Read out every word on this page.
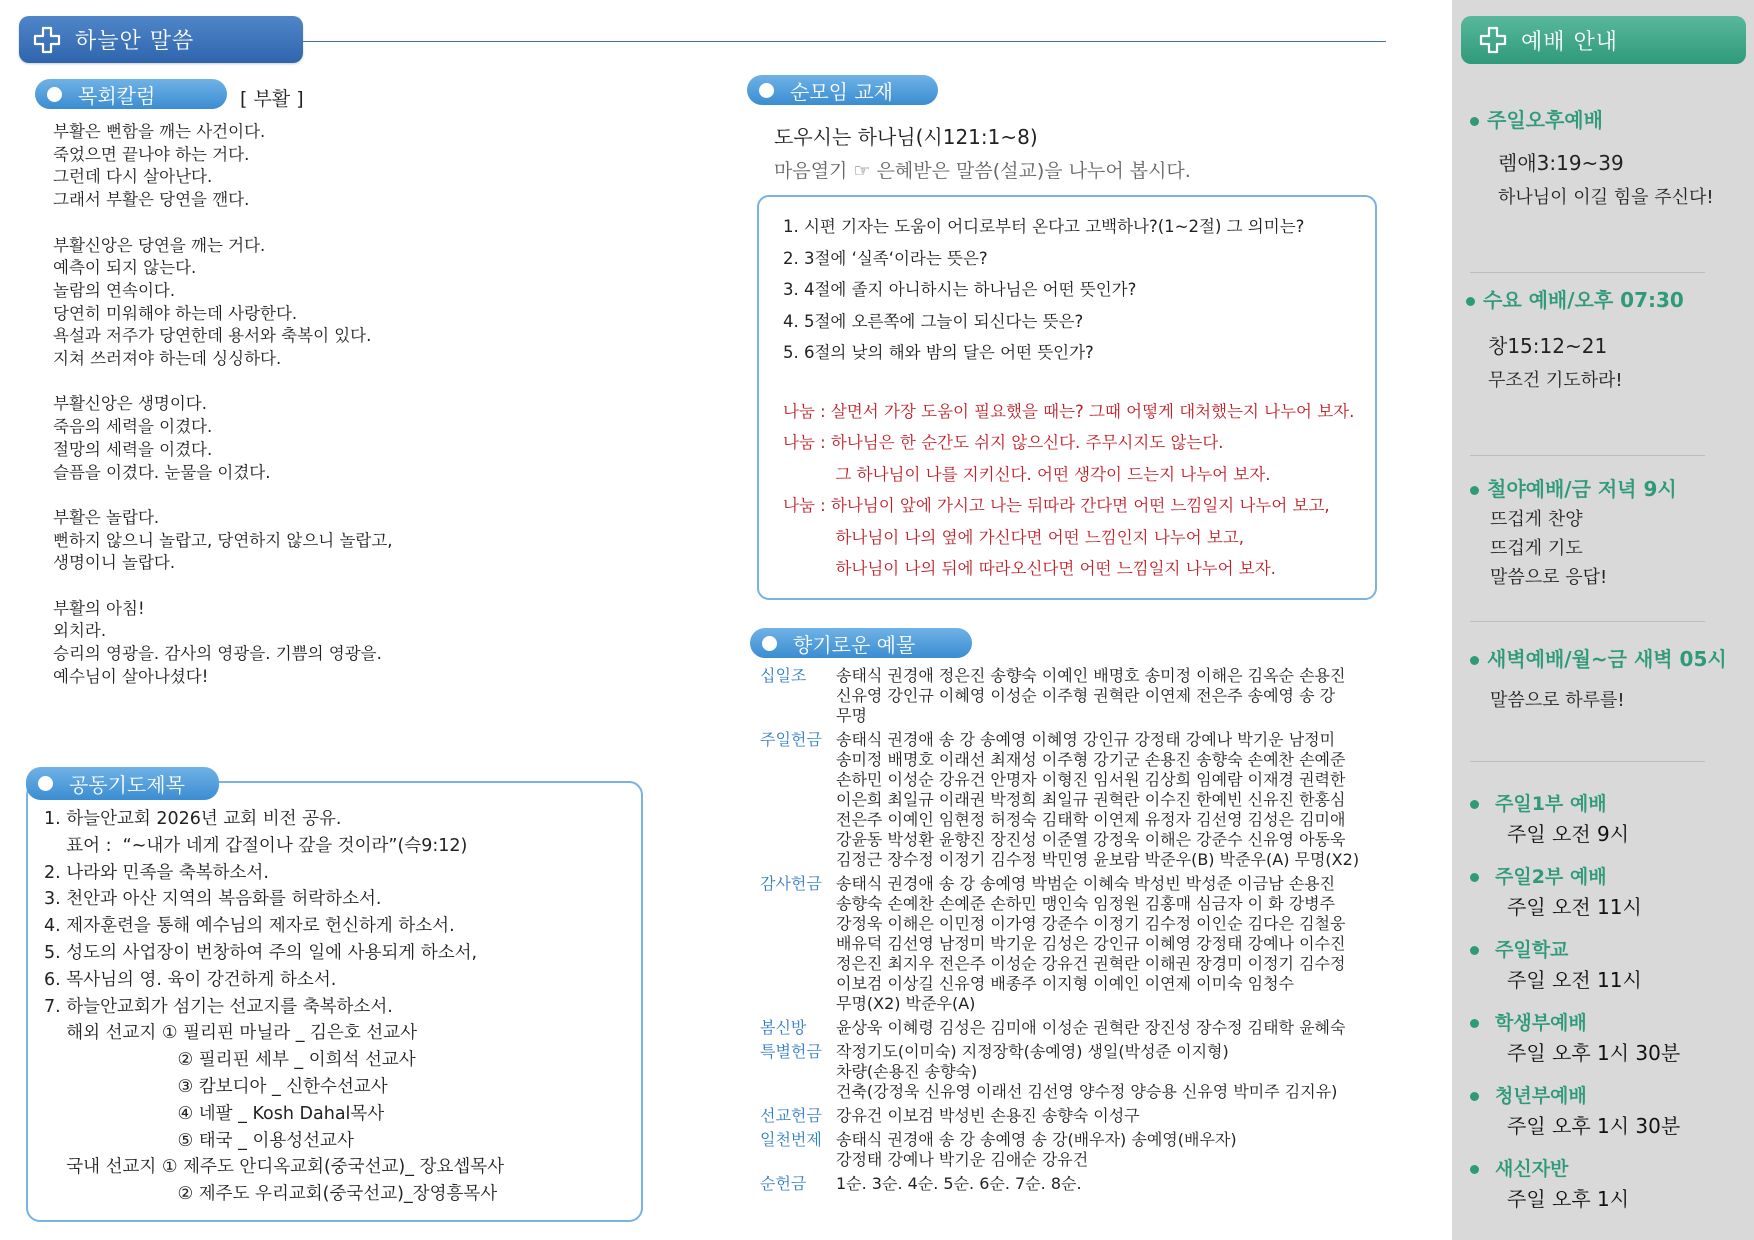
하늘안 말씀
목회칼럼	[ 부활 ]

부활은 뻔함을 깨는 사건이다.
죽었으면 끝나야 하는 거다.
그런데 다시 살아난다.
그래서 부활은 당연을 깬다.

부활신앙은 당연을 깨는 거다.
예측이 되지 않는다.
놀람의 연속이다.
당연히 미워해야 하는데 사랑한다.
욕설과 저주가 당연한데 용서와 축복이 있다.
지쳐 쓰러져야 하는데 싱싱하다.

부활신앙은 생명이다.
죽음의 세력을 이겼다.
절망의 세력을 이겼다.
슬픔을 이겼다. 눈물을 이겼다.

부활은 놀랍다.
뻔하지 않으니 놀랍고, 당연하지 않으니 놀랍고,
생명이니 놀랍다.

부활의 아침!
외치라.
승리의 영광을. 감사의 영광을. 기쁨의 영광을.
예수님이 살아나셨다!

공동기도제목
1. 하늘안교회 2026년 교회 비전 공유.
표어 :  “~내가 네게 갑절이나 갚을 것이라”(슥9:12)
2. 나라와 민족을 축복하소서.
3. 천안과 아산 지역의 복음화를 허락하소서.
4. 제자훈련을 통해 예수님의 제자로 헌신하게 하소서.
5. 성도의 사업장이 번창하여 주의 일에 사용되게 하소서,
6. 목사님의 영. 육이 강건하게 하소서.
7. 하늘안교회가 섬기는 선교지를 축복하소서.
해외 선교지 ① 필리핀 마닐라 _ 김은호 선교사
② 필리핀 세부 _ 이희석 선교사
③ 캄보디아 _ 신한수선교사
④ 네팔 _ Kosh Dahal목사
⑤ 태국 _ 이용성선교사
국내 선교지 ① 제주도 안디옥교회(중국선교)_ 장요셉목사
② 제주도 우리교회(중국선교)_장영흥목사
순모임 교재
도우시는 하나님(시121:1~8)
마음열기 ☞ 은혜받은 말씀(설교)을 나누어 봅시다.
1. 시편 기자는 도움이 어디로부터 온다고 고백하나?(1~2절) 그 의미는?
2. 3절에 ‘실족‘이라는 뜻은?
3. 4절에 졸지 아니하시는 하나님은 어떤 뜻인가?
4. 5절에 오른쪽에 그늘이 되신다는 뜻은?
5. 6절의 낮의 해와 밤의 달은 어떤 뜻인가?
나눔 : 살면서 가장 도움이 필요했을 때는? 그때 어떻게 대처했는지 나누어 보자.
나눔 : 하나님은 한 순간도 쉬지 않으신다. 주무시지도 않는다.
그 하나님이 나를 지키신다. 어떤 생각이 드는지 나누어 보자.
나눔 : 하나님이 앞에 가시고 나는 뒤따라 간다면 어떤 느낌일지 나누어 보고,
하나님이 나의 옆에 가신다면 어떤 느낌인지 나누어 보고,
하나님이 나의 뒤에 따라오신다면 어떤 느낌일지 나누어 보자.
향기로운 예물
십일조	송태식 권경애 정은진 송향숙 이예인 배명호 송미정 이해은 김옥순 손용진
신유영 강인규 이혜영 이성순 이주형 권혁란 이연제 전은주 송예영 송 강
무명
주일헌금 송태식 권경애 송 강 송예영 이혜영 강인규 강정태 강예나 박기운 남정미
송미정 배명호 이래선 최재성 이주형 강기군 손용진 송향숙 손예찬 손예준
손하민 이성순 강유건 안명자 이형진 임서원 김상희 임예람 이재경 권력한
이은희 최일규 이래권 박정희 최일규 권혁란 이수진 한예빈 신유진 한홍심
전은주 이예인 임현정 허정숙 김태학 이연제 유정자 김선영 김성은 김미애
강윤동 박성환 윤향진 장진성 이준열 강정욱 이해은 강준수 신유영 아동욱
김정근 장수정 이정기 김수정 박민영 윤보람 박준우(B) 박준우(A) 무명(X2)
감사헌금 송태식 권경애 송 강 송예영 박범순 이혜숙 박성빈 박성준 이금남 손용진
송향숙 손예찬 손예준 손하민 맹인숙 임정원 김홍매 심금자 이 화 강병주
강정욱 이해은 이민정 이가영 강준수 이정기 김수정 이인순 김다은 김철웅
배유덕 김선영 남정미 박기운 김성은 강인규 이혜영 강정태 강예나 이수진
정은진 최지우 전은주 이성순 강유건 권혁란 이해권 장경미 이정기 김수정
이보검 이상길 신유영 배종주 이지형 이예인 이연제 이미숙 임청수
무명(X2) 박준우(A)
봄신방	윤상욱 이혜령 김성은 김미애 이성순 권혁란 장진성 장수정 김태학 윤혜숙
특별헌금 작정기도(이미숙) 지정장학(송예영) 생일(박성준 이지형)
차량(손용진 송향숙)
건축(강정욱 신유영 이래선 김선영 양수정 양승용 신유영 박미주 김지유)
선교헌금 강유건 이보검 박성빈 손용진 송향숙 이성구
일천번제 송태식 권경애 송 강 송예영 송 강(배우자) 송예영(배우자)
강정태 강예나 박기운 김애순 강유건
순헌금	1순. 3순. 4순. 5순. 6순. 7순. 8순.
예배 안내
주일오후예배
렘애3:19~39
하나님이 이길 힘을 주신다!
수요 예배/오후 07:30
창15:12~21
무조건 기도하라!
철야예배/금 저녁 9시
뜨겁게 찬양
뜨겁게 기도
말씀으로 응답!
새벽예배/월~금 새벽 05시
말씀으로 하루를!
주일1부 예배
주일 오전 9시
주일2부 예배
주일 오전 11시
주일학교
주일 오전 11시
학생부예배
주일 오후 1시 30분
청년부예배
주일 오후 1시 30분
새신자반
주일 오후 1시
